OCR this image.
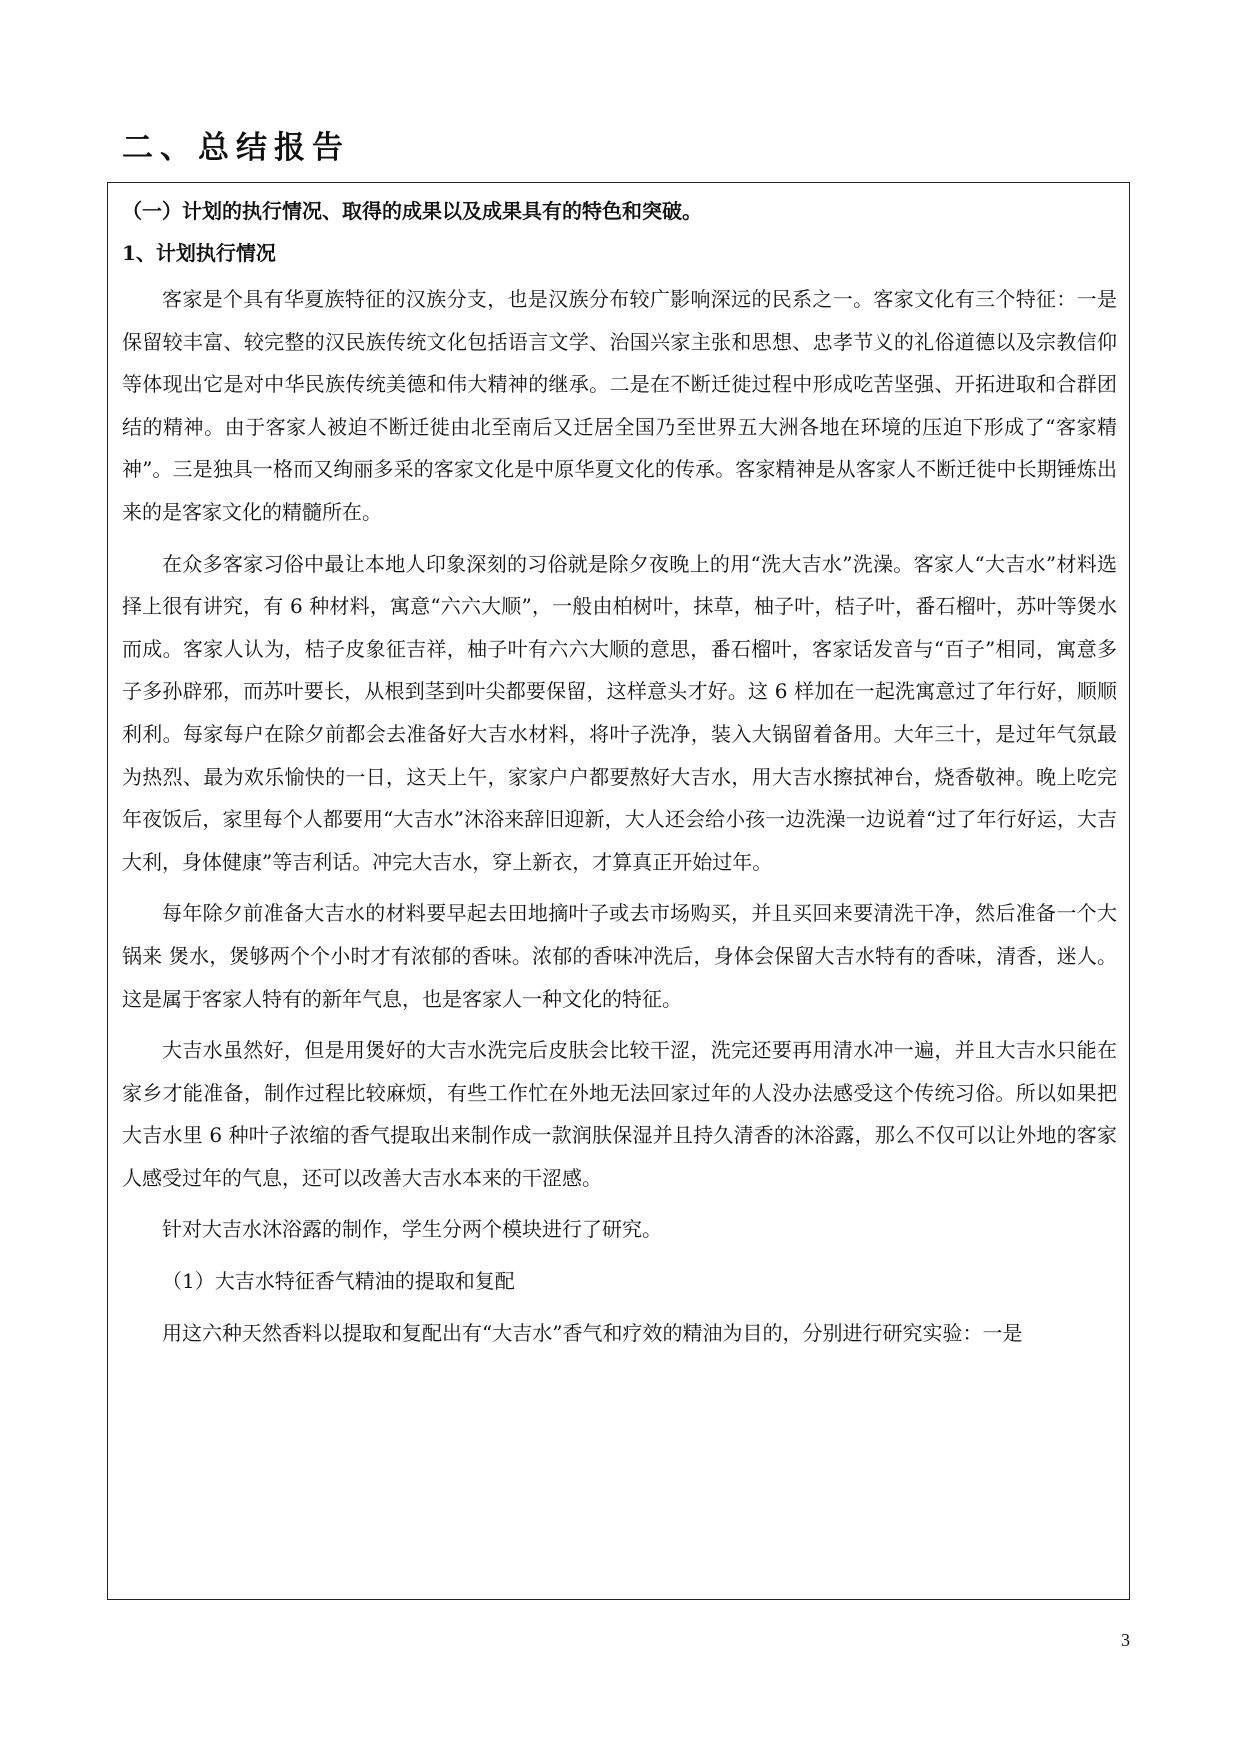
二、总结报告
（一）计划的执行情况、取得的成果以及成果具有的特色和突破。
1、计划执行情况

客家是个具有华夏族特征的汉族分支，也是汉族分布较广影响深远的民系之一。客家文化有三个特征：一是保留较丰富、较完整的汉民族传统文化包括语言文学、治国兴家主张和思想、忠孝节义的礼俗道德以及宗教信仰等体现出它是对中华民族传统美德和伟大精神的继承。二是在不断迁徙过程中形成吃苦坚强、开拓进取和合群团结的精神。由于客家人被迫不断迁徙由北至南后又迁居全国乃至世界五大洲各地在环境的压迫下形成了“客家精神”。三是独具一格而又绚丽多采的客家文化是中原华夏文化的传承。客家精神是从客家人不断迁徙中长期锤炼出来的是客家文化的精髓所在。

在众多客家习俗中最让本地人印象深刻的习俗就是除夕夜晚上的用“洗大吉水”洗澡。客家人“大吉水”材料选择上很有讲究，有 6 种材料，寓意“六六大顺”，一般由柏树叶，抹草，柚子叶，桔子叶，番石榴叶，苏叶等煲水而成。客家人认为，桔子皮象征吉祥，柚子叶有六六大顺的意思，番石榴叶，客家话发音与“百子”相同，寓意多子多孙辟邪，而苏叶要长，从根到茎到叶尖都要保留，这样意头才好。这 6 样加在一起洗寓意过了年行好，顺顺利利。每家每户在除夕前都会去准备好大吉水材料，将叶子洗净，装入大锅留着备用。大年三十，是过年气氛最为热烈、最为欢乐愉快的一日，这天上午，家家户户都要熬好大吉水，用大吉水擦拭神台，烧香敬神。晚上吃完年夜饭后，家里每个人都要用“大吉水”沐浴来辞旧迎新，大人还会给小孩一边洗澡一边说着“过了年行好运，大吉大利，身体健康”等吉利话。冲完大吉水，穿上新衣，才算真正开始过年。

每年除夕前准备大吉水的材料要早起去田地摘叶子或去市场购买，并且买回来要清洗干净，然后准备一个大锅来 煲水，煲够两个个小时才有浓郁的香味。浓郁的香味冲洗后，身体会保留大吉水特有的香味，清香，迷人。这是属于客家人特有的新年气息，也是客家人一种文化的特征。

大吉水虽然好，但是用煲好的大吉水洗完后皮肤会比较干涩，洗完还要再用清水冲一遍，并且大吉水只能在家乡才能准备，制作过程比较麻烦，有些工作忙在外地无法回家过年的人没办法感受这个传统习俗。所以如果把大吉水里 6 种叶子浓缩的香气提取出来制作成一款润肤保湿并且持久清香的沐浴露，那么不仅可以让外地的客家人感受过年的气息，还可以改善大吉水本来的干涩感。

针对大吉水沐浴露的制作，学生分两个模块进行了研究。

（1）大吉水特征香气精油的提取和复配

用这六种天然香料以提取和复配出有“大吉水”香气和疗效的精油为目的，分别进行研究实验：一是

3
